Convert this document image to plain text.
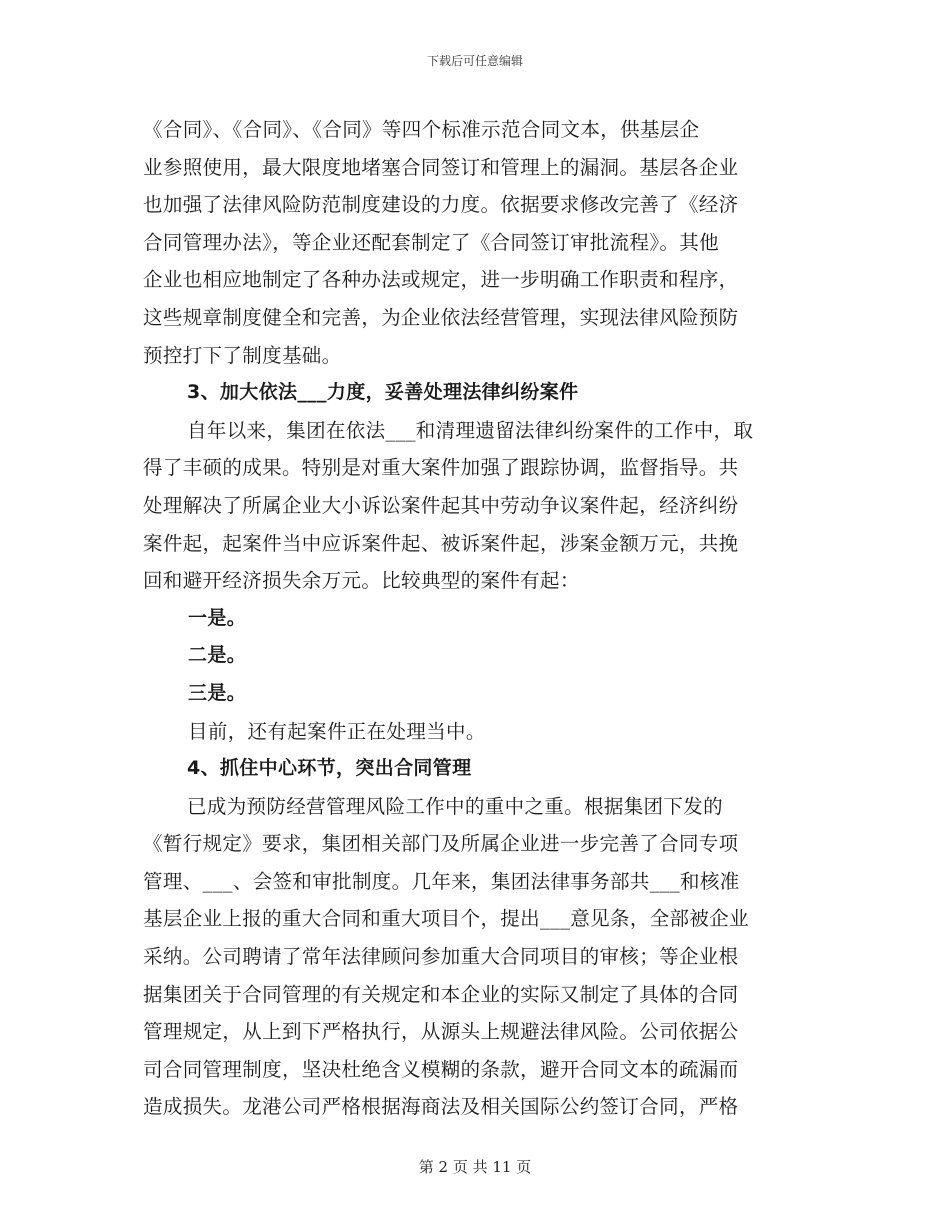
下载后可任意编辑
《合同》、《合同》、《合同》等四个标准示范合同文本，供基层企
业参照使用，最大限度地堵塞合同签订和管理上的漏洞。基层各企业
也加强了法律风险防范制度建设的力度。依据要求修改完善了《经济
合同管理办法》，等企业还配套制定了《合同签订审批流程》。其他
企业也相应地制定了各种办法或规定，进一步明确工作职责和程序，
这些规章制度健全和完善，为企业依法经营管理，实现法律风险预防
预控打下了制度基础。
3、加大依法___力度，妥善处理法律纠纷案件
自年以来，集团在依法___和清理遗留法律纠纷案件的工作中，取
得了丰硕的成果。特别是对重大案件加强了跟踪协调，监督指导。共
处理解决了所属企业大小诉讼案件起其中劳动争议案件起，经济纠纷
案件起，起案件当中应诉案件起、被诉案件起，涉案金额万元，共挽
回和避开经济损失余万元。比较典型的案件有起：
一是。
二是。
三是。
目前，还有起案件正在处理当中。
4、抓住中心环节，突出合同管理
已成为预防经营管理风险工作中的重中之重。根据集团下发的
《暂行规定》要求，集团相关部门及所属企业进一步完善了合同专项
管理、___、会签和审批制度。几年来，集团法律事务部共___和核准
基层企业上报的重大合同和重大项目个，提出___意见条，全部被企业
采纳。公司聘请了常年法律顾问参加重大合同项目的审核；等企业根
据集团关于合同管理的有关规定和本企业的实际又制定了具体的合同
管理规定，从上到下严格执行，从源头上规避法律风险。公司依据公
司合同管理制度，坚决杜绝含义模糊的条款，避开合同文本的疏漏而
造成损失。龙港公司严格根据海商法及相关国际公约签订合同，严格
第 2 页 共 11 页
